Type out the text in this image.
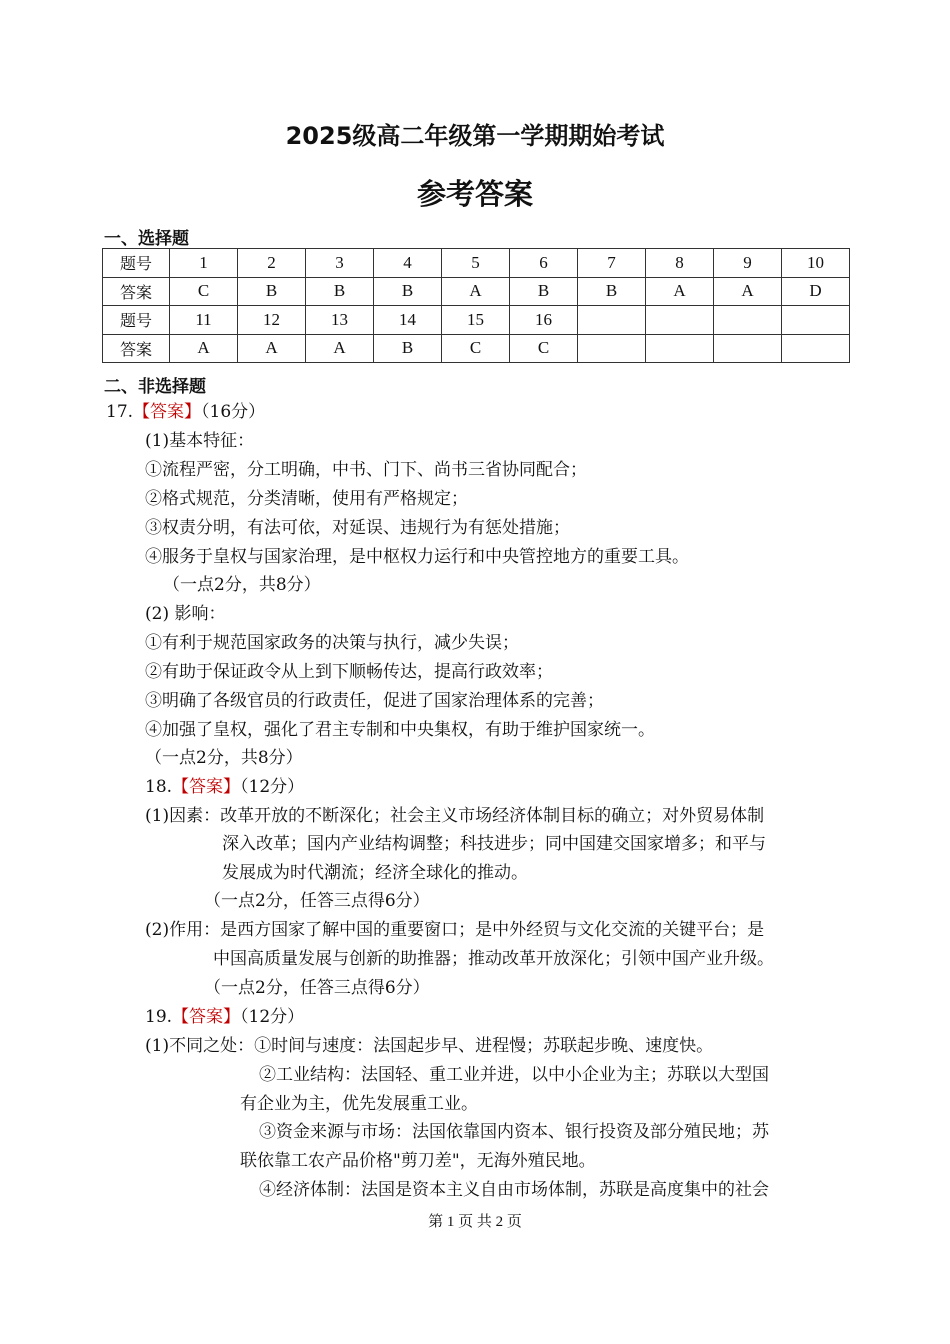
2025级高二年级第一学期期始考试
参考答案
一、选择题
题号	1	2	3	4	5	6	7	8	9	10
答案	C	B	B	B	A	B	B	A	A	D
题号	11	12	13	14	15	16				
答案	A	A	A	B	C	C				
二、非选择题
17.【答案】（16分）
(1)基本特征：
①流程严密，分工明确，中书、门下、尚书三省协同配合；
②格式规范，分类清晰，使用有严格规定；
③权责分明，有法可依，对延误、违规行为有惩处措施；
④服务于皇权与国家治理，是中枢权力运行和中央管控地方的重要工具。
（一点2分，共8分）
(2) 影响：
①有利于规范国家政务的决策与执行，减少失误；
②有助于保证政令从上到下顺畅传达，提高行政效率；
③明确了各级官员的行政责任，促进了国家治理体系的完善；
④加强了皇权，强化了君主专制和中央集权，有助于维护国家统一。
（一点2分，共8分）
18.【答案】（12分）
(1)因素：改革开放的不断深化；社会主义市场经济体制目标的确立；对外贸易体制
深入改革；国内产业结构调整；科技进步；同中国建交国家增多；和平与
发展成为时代潮流；经济全球化的推动。
（一点2分，任答三点得6分）
(2)作用：是西方国家了解中国的重要窗口；是中外经贸与文化交流的关键平台；是
中国高质量发展与创新的助推器；推动改革开放深化；引领中国产业升级。
（一点2分，任答三点得6分）
19.【答案】（12分）
(1)不同之处：①时间与速度：法国起步早、进程慢；苏联起步晚、速度快。
②工业结构：法国轻、重工业并进，以中小企业为主；苏联以大型国
有企业为主，优先发展重工业。
③资金来源与市场：法国依靠国内资本、银行投资及部分殖民地；苏
联依靠工农产品价格"剪刀差"，无海外殖民地。
④经济体制：法国是资本主义自由市场体制，苏联是高度集中的社会
第 1 页 共 2 页
